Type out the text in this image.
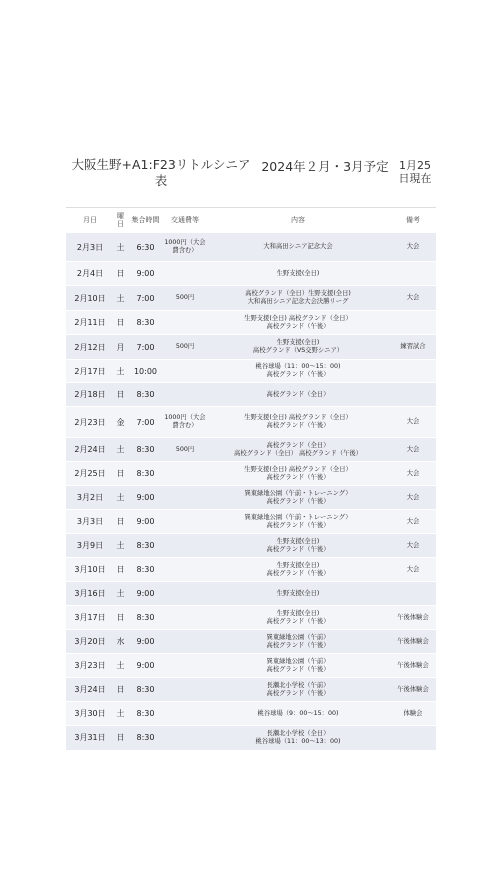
大阪生野+A1:F23リトルシニア表
2024年２月・3月予定 1月25日現在
月日	曜日	集合時間	交通費等	内容	備考
2月3日	土	6:30	1000円（大会費含む）	大和高田シニア記念大会	大会
2月4日	日	9:00		生野支援(全日)	

2月10日	土	7:00	500円	高校グランド（全日）生野支援(全日)
大和高田シニア記念大会決勝リーグ	大会
2月11日	日	8:30		生野支援(全日) 高校グランド（全日）
高校グランド（午後）	

2月12日	月	7:00	500円	生野支援(全日)
高校グランド（VS交野シニア）	練習試合
2月17日	土	10:00		桃谷球場（11：00～15：00)
高校グランド（午後）	

2月18日	日	8:30		高校グランド（全日）	

2月23日	金	7:00	1000円（大会費含む）	生野支援(全日) 高校グランド（全日）
高校グランド（午後）	大会
2月24日	土	8:30	500円	高校グランド（全日）
高校グランド（全日） 高校グランド（午後）	大会
2月25日	日	8:30		生野支援(全日) 高校グランド（全日）
高校グランド（午後）	大会
3月2日	土	9:00		巽東緑地公園（午前・トレーニング）
高校グランド（午後）	大会
3月3日	日	9:00		巽東緑地公園（午前・トレーニング）
高校グランド（午後）	大会
3月9日	土	8:30		生野支援(全日)
高校グランド（午後）	大会
3月10日	日	8:30		生野支援(全日)
高校グランド（午後）	大会
3月16日	土	9:00		生野支援(全日)	

3月17日	日	8:30		生野支援(全日)
高校グランド（午後）	午後体験会
3月20日	水	9:00		巽東緑地公園（午前）
高校グランド（午後）	午後体験会
3月23日	土	9:00		巽東緑地公園（午前）
高校グランド（午後）	午後体験会
3月24日	日	8:30		長瀬北小学校（午前）
高校グランド（午後）	午後体験会
3月30日	土	8:30		桃谷球場（9：00～15：00)	体験会
3月31日	日	8:30		長瀬北小学校（全日）
桃谷球場（11：00～13：00)	
